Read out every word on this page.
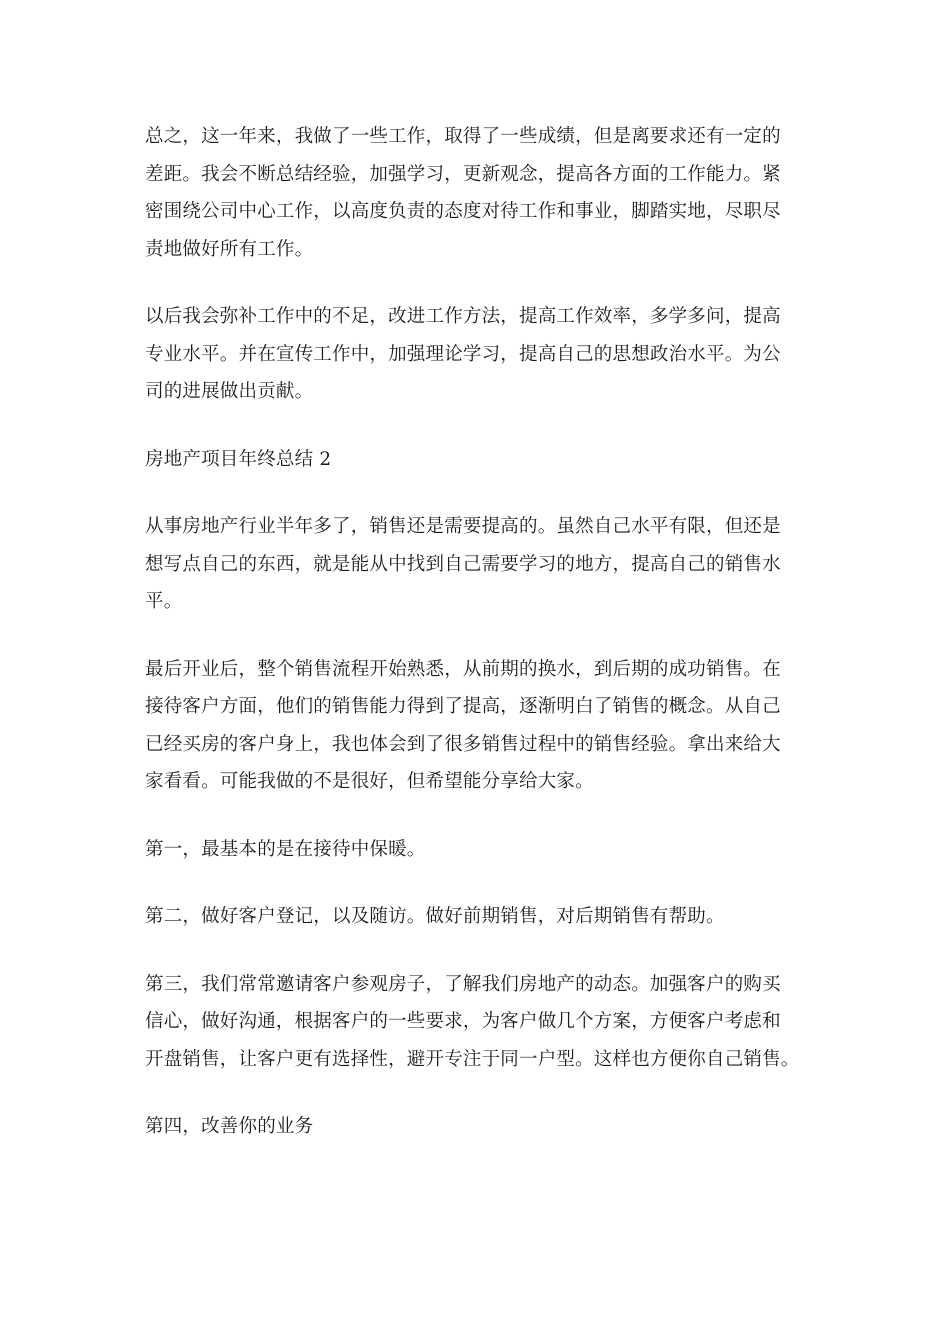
总之，这一年来，我做了一些工作，取得了一些成绩，但是离要求还有一定的
差距。我会不断总结经验，加强学习，更新观念，提高各方面的工作能力。紧
密围绕公司中心工作，以高度负责的态度对待工作和事业，脚踏实地，尽职尽
责地做好所有工作。

以后我会弥补工作中的不足，改进工作方法，提高工作效率，多学多问，提高
专业水平。并在宣传工作中，加强理论学习，提高自己的思想政治水平。为公
司的进展做出贡献。

房地产项目年终总结 2

从事房地产行业半年多了，销售还是需要提高的。虽然自己水平有限，但还是
想写点自己的东西，就是能从中找到自己需要学习的地方，提高自己的销售水
平。

最后开业后，整个销售流程开始熟悉，从前期的换水，到后期的成功销售。在
接待客户方面，他们的销售能力得到了提高，逐渐明白了销售的概念。从自己
已经买房的客户身上，我也体会到了很多销售过程中的销售经验。拿出来给大
家看看。可能我做的不是很好，但希望能分享给大家。

第一，最基本的是在接待中保暖。

第二，做好客户登记，以及随访。做好前期销售，对后期销售有帮助。

第三，我们常常邀请客户参观房子，了解我们房地产的动态。加强客户的购买
信心，做好沟通，根据客户的一些要求，为客户做几个方案，方便客户考虑和
开盘销售，让客户更有选择性，避开专注于同一户型。这样也方便你自己销售。

第四，改善你的业务
